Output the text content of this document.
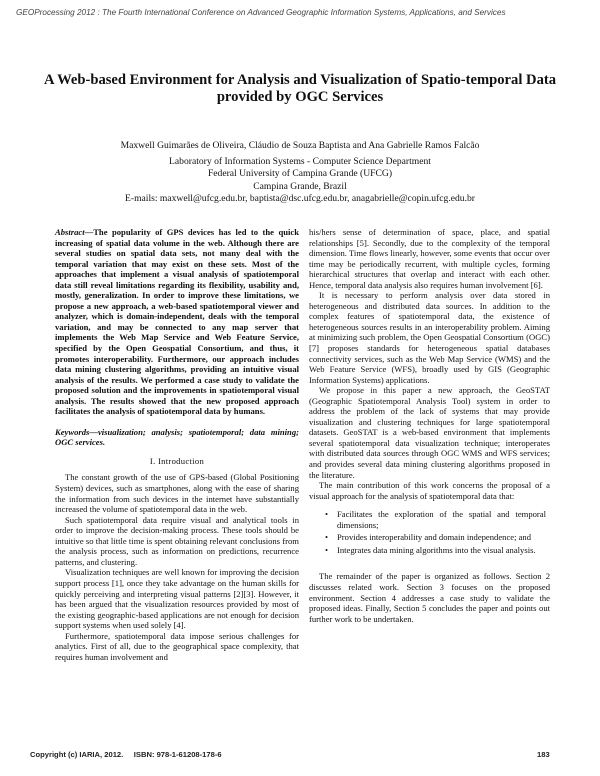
GEOProcessing 2012 : The Fourth International Conference on Advanced Geographic Information Systems, Applications, and Services
A Web-based Environment for Analysis and Visualization of Spatio-temporal Data provided by OGC Services
Maxwell Guimarães de Oliveira, Cláudio de Souza Baptista and Ana Gabrielle Ramos Falcão
Laboratory of Information Systems - Computer Science Department
Federal University of Campina Grande (UFCG)
Campina Grande, Brazil
E-mails: maxwell@ufcg.edu.br, baptista@dsc.ufcg.edu.br, anagabrielle@copin.ufcg.edu.br

Abstract—The popularity of GPS devices has led to the quick increasing of spatial data volume in the web. Although there are several studies on spatial data sets, not many deal with the temporal variation that may exist on these sets. Most of the approaches that implement a visual analysis of spatiotemporal data still reveal limitations regarding its flexibility, usability and, mostly, generalization. In order to improve these limitations, we propose a new approach, a web-based spatiotemporal viewer and analyzer, which is domain-independent, deals with the temporal variation, and may be connected to any map server that implements the Web Map Service and Web Feature Service, specified by the Open Geospatial Consortium, and thus, it promotes interoperability. Furthermore, our approach includes data mining clustering algorithms, providing an intuitive visual analysis of the results. We performed a case study to validate the proposed solution and the improvements in spatiotemporal visual analysis. The results showed that the new proposed approach facilitates the analysis of spatiotemporal data by humans.

Keywords—visualization; analysis; spatiotemporal; data mining; OGC services.

I. Introduction

The constant growth of the use of GPS-based (Global Positioning System) devices, such as smartphones, along with the ease of sharing the information from such devices in the internet have substantially increased the volume of spatiotemporal data in the web.

Such spatiotemporal data require visual and analytical tools in order to improve the decision-making process. These tools should be intuitive so that little time is spent obtaining relevant conclusions from the analysis process, such as information on predictions, recurrence patterns, and clustering.

Visualization techniques are well known for improving the decision support process [1], once they take advantage on the human skills for quickly perceiving and interpreting visual patterns [2][3]. However, it has been argued that the visualization resources provided by most of the existing geographic-based applications are not enough for decision support systems when used solely [4].

Furthermore, spatiotemporal data impose serious challenges for analytics. First of all, due to the geographical space complexity, that requires human involvement and

his/hers sense of determination of space, place, and spatial relationships [5]. Secondly, due to the complexity of the temporal dimension. Time flows linearly, however, some events that occur over time may be periodically recurrent, with multiple cycles, forming hierarchical structures that overlap and interact with each other. Hence, temporal data analysis also requires human involvement [6].

It is necessary to perform analysis over data stored in heterogeneous and distributed data sources. In addition to the complex features of spatiotemporal data, the existence of heterogeneous sources results in an interoperability problem. Aiming at minimizing such problem, the Open Geospatial Consortium (OGC) [7] proposes standards for heterogeneous spatial databases connectivity services, such as the Web Map Service (WMS) and the Web Feature Service (WFS), broadly used by GIS (Geographic Information Systems) applications.

We propose in this paper a new approach, the GeoSTAT (Geographic Spatiotemporal Analysis Tool) system in order to address the problem of the lack of systems that may provide visualization and clustering techniques for large spatiotemporal datasets. GeoSTAT is a web-based environment that implements several spatiotemporal data visualization technique; interoperates with distributed data sources through OGC WMS and WFS services; and provides several data mining clustering algorithms proposed in the literature.

The main contribution of this work concerns the proposal of a visual approach for the analysis of spatiotemporal data that:

• Facilitates the exploration of the spatial and temporal dimensions;
• Provides interoperability and domain independence; and
• Integrates data mining algorithms into the visual analysis.

The remainder of the paper is organized as follows. Section 2 discusses related work. Section 3 focuses on the proposed environment. Section 4 addresses a case study to validate the proposed ideas. Finally, Section 5 concludes the paper and points out further work to be undertaken.

Copyright (c) IARIA, 2012.     ISBN: 978-1-61208-178-6	183
